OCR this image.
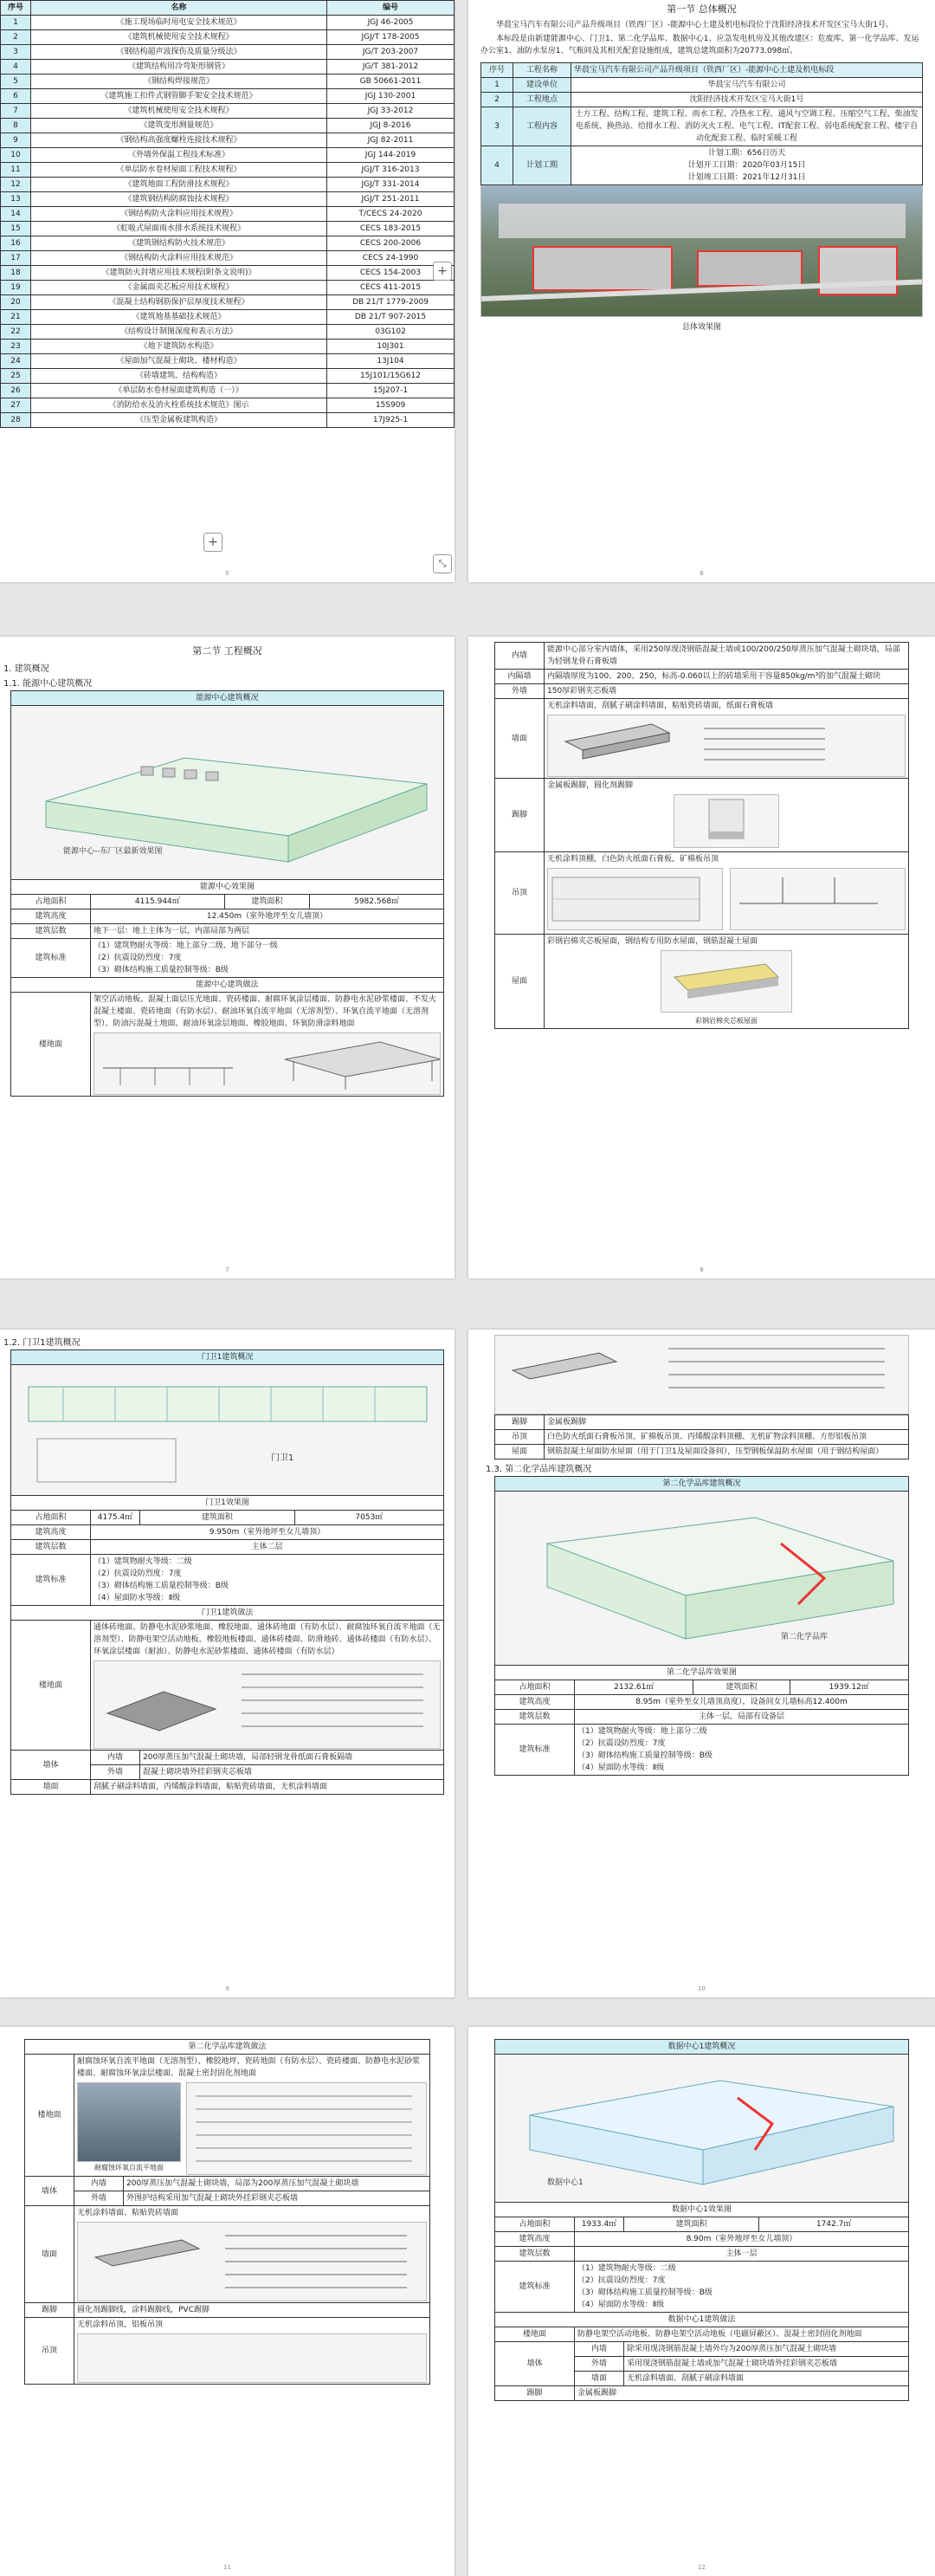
序号	名称	编号
1	《施工现场临时用电安全技术规范》	JGJ 46-2005
2	《建筑机械使用安全技术规程》	JGJ/T 178-2005
3	《钢结构超声波探伤及质量分级法》	JG/T 203-2007
4	《建筑结构用冷弯矩形钢管》	JG/T 381-2012
5	《钢结构焊接规范》	GB 50661-2011
6	《建筑施工扣件式钢管脚手架安全技术规范》	JGJ 130-2001
7	《建筑机械使用安全技术规程》	JGJ 33-2012
8	《建筑变形测量规范》	JGJ 8-2016
9	《钢结构高强度螺栓连接技术规程》	JGJ 82-2011
10	《外墙外保温工程技术标准》	JGJ 144-2019
11	《单层防水卷材屋面工程技术规程》	JGJ/T 316-2013
12	《建筑地面工程防滑技术规程》	JGJ/T 331-2014
13	《建筑钢结构防腐蚀技术规程》	JGJ/T 251-2011
14	《钢结构防火涂料应用技术规程》	T/CECS 24-2020
15	《虹吸式屋面雨水排水系统技术规程》	CECS 183-2015
16	《建筑钢结构防火技术规范》	CECS 200-2006
17	《钢结构防火涂料应用技术规范》	CECS 24-1990
18	《建筑防火封堵应用技术规程(附条文说明)》	CECS 154-2003
19	《金属面夹芯板应用技术规程》	CECS 411-2015
20	《混凝土结构钢筋保护层厚度技术规程》	DB 21/T 1779-2009
21	《建筑地基基础技术规范》	DB 21/T 907-2015
22	《结构设计制图深度和表示方法》	03G102
23	《地下建筑防水构造》	10J301
24	《屋面加气混凝土砌块、楼材构造》	13J104
25	《砖墙建筑、结构构造》	15J101/15G612
26	《单层防水卷材屋面建筑构造（一）》	15J207-1
27	《消防给水及消火栓系统技术规范》图示	15S909
28	《压型金属板建筑构造》	17J925-1
+
+
⤡
5
第一节 总体概况

华晨宝马汽车有限公司产品升级项目（铁西厂区）-能源中心土建及机电标段位于沈阳经济技术开发区宝马大街1号。

本标段是由新建能源中心、门卫1、第二化学品库、数据中心1、应急发电机房及其他改建区：危废库、第一化学品库、发运办公室1、油防水泵房1、气瓶间及其相关配套设施组成，建筑总建筑面积为20773.098㎡。

序号	工程名称	华晨宝马汽车有限公司产品升级项目（铁西厂区）-能源中心土建及机电标段
1	建设单位	华晨宝马汽车有限公司
2	工程地点	沈阳经济技术开发区宝马大街1号
3	工程内容	土方工程、结构工程、建筑工程、雨水工程、冷热水工程、通风与空调工程、压缩空气工程、柴油发电系统、换热站、给排水工程、消防灭火工程、电气工程、IT配套工程、弱电系统配套工程、楼宇自动化配套工程、临时采暖工程
4	计划工期	计划工期：656日历天
计划开工日期：2020年03月15日
计划竣工日期：2021年12月31日
总体效果图
6
第二节 工程概况
1. 建筑概况
1.1. 能源中心建筑概况
能源中心建筑概况			

能源中心--东厂区最新效果图			

能源中心效果图			
占地面积	4115.944㎡	建筑面积	5982.568㎡
建筑高度	12.450m（室外地坪至女儿墙顶）		
建筑层数	地下一层：地上主体为一层，内部局部为两层		
建筑标准	（1）建筑物耐火等级：地上部分二级、地下部分一级
（2）抗震设防烈度：7度
（3）砌体结构施工质量控制等级：B级		

能源中心建筑做法			
楼地面	架空活动地板、混凝土面层压光地面、瓷砖楼面、耐腐环氧涂层楼面、防静电水泥砂浆楼面、不发火混凝土楼面、瓷砖地面（有防水层）、耐油环氧自流平地面（无溶剂型）、环氧自流平地面（无溶剂型）、防油污混凝土地面、耐油环氧涂层地面、橡胶地面、环氧防滑涂料地面		
7
内墙	能源中心部分室内墙体，采用250厚现浇钢筋混凝土墙或100/200/250厚蒸压加气混凝土砌块墙，局部为轻钢龙骨石膏板墙
内隔墙	内隔墙厚度为100、200、250，标高-0.060以上的砖墙采用干容量850kg/m³的加气混凝土砌块
外墙	150厚彩钢夹芯板墙
墙面	无机涂料墙面，刮腻子刷涂料墙面，粘贴瓷砖墙面，纸面石膏板墙

踢脚	金属板踢脚，圆化剂踢脚

吊顶	无机涂料顶棚，白色防火纸面石膏板，矿棉板吊顶

屋面	彩钢岩棉夹芯板屋面，钢结构专用防水屋面，钢筋混凝土屋面
彩钢岩棉夹芯板屋面
8
1.2. 门卫1建筑概况
门卫1建筑概况			

门卫1			

门卫1效果图			
占地面积	4175.4㎡	建筑面积	7053㎡
建筑高度	9.950m（室外地坪至女儿墙顶）		
建筑层数	主体二层		
建筑标准	（1）建筑物耐火等级：二级
（2）抗震设防烈度：7度
（3）砌体结构施工质量控制等级：B级
（4）屋面防水等级：Ⅱ级		

门卫1建筑做法			
楼地面	通体砖地面、防静电水泥砂浆地面、橡胶地面、通体砖地面（有防水层）、耐腐蚀环氧自流平地面（无溶剂型）、防静电架空活动地板、橡胶地板楼面、通体砖楼面、防滑地砖、通体砖楼面（有防水层）、环氧涂层楼面（耐油）、防静电水泥砂浆楼面、通体砖楼面（有防水层）		

墙体	内墙	200厚蒸压加气混凝土砌块墙，局部轻钢龙骨纸面石膏板隔墙	
	外墙	混凝土砌块墙外挂彩钢夹芯板墙	
墙面	刮腻子刷涂料墙面，丙烯酸涂料墙面，粘贴瓷砖墙面，无机涂料墙面		
9
踢脚	金属板踢脚
吊顶	白色防火纸面石膏板吊顶、矿棉板吊顶、丙烯酸涂料顶棚、无机矿物涂料顶棚、方形铝板吊顶
屋面	钢筋混凝土屋面防水屋面（用于门卫1及屋面设备间），压型钢板保温防水屋面（用于钢结构屋面）
1.3. 第二化学品库建筑概况
第二化学品库建筑概况			

第二化学品库			

第二化学品库效果图			
占地面积	2132.61㎡	建筑面积	1939.12㎡
建筑高度	8.95m（室外至女儿墙顶高度），设备间女儿墙标高12.400m		
建筑层数	主体一层，局部有设备层		
建筑标准	（1）建筑物耐火等级：地上部分二级
（2）抗震设防烈度：7度
（3）砌体结构施工质量控制等级：B级
（4）屋面防水等级：Ⅱ级		
10
第二化学品库建筑做法		
楼地面	耐腐蚀环氧自流平地面（无溶剂型）、橡胶地坪、瓷砖地面（有防水层）、瓷砖楼面、防静电水泥砂浆楼面、耐腐蚀环氧涂层楼面、混凝土密封固化剂地面
耐腐蚀环氧自流平地面	

墙体	内墙	200厚蒸压加气混凝土砌块墙，局部为200厚蒸压加气混凝土砌块墙
	外墙	外围护结构采用加气混凝土砌块外挂彩钢夹芯板墙
墙面	无机涂料墙面、粘贴瓷砖墙面	

踢脚	圆化剂踢脚线，涂料踢脚线，PVC踢脚	
吊顶	无机涂料吊顶，铝板吊顶	
11
数据中心1建筑概况			

数据中心1			

数据中心1效果图			
占地面积	1933.4㎡	建筑面积	1742.7㎡
建筑高度	8.90m（室外地坪至女儿墙顶）		
建筑层数	主体一层		
建筑标准	（1）建筑物耐火等级：二级
（2）抗震设防烈度：7度
（3）砌体结构施工质量控制等级：B级
（4）屋面防水等级：Ⅱ级		

数据中心1建筑做法			
楼地面	防静电架空活动地板、防静电架空活动地板（电磁屏蔽区）、混凝土密封固化剂地面		
墙体	内墙	除采用现浇钢筋混凝土墙外均为200厚蒸压加气混凝土砌块墙	
	外墙	采用现浇钢筋混凝土墙或加气混凝土砌块墙外挂彩钢夹芯板墙	
	墙面	无机涂料墙面、刮腻子刷涂料墙面	
踢脚	金属板踢脚		
12
